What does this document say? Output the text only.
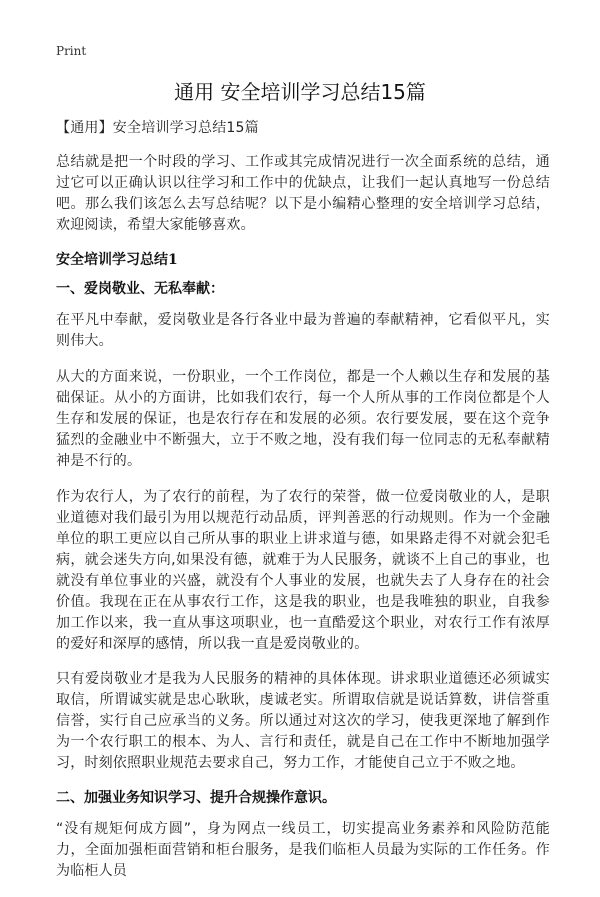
Print
通用 安全培训学习总结15篇

【通用】安全培训学习总结15篇

总结就是把一个时段的学习、工作或其完成情况进行一次全面系统的总结，通过它可以正确认识以往学习和工作中的优缺点，让我们一起认真地写一份总结吧。那么我们该怎么去写总结呢？以下是小编精心整理的安全培训学习总结，欢迎阅读，希望大家能够喜欢。

安全培训学习总结1
一、爱岗敬业、无私奉献：

在平凡中奉献，爱岗敬业是各行各业中最为普遍的奉献精神，它看似平凡，实则伟大。

从大的方面来说，一份职业，一个工作岗位，都是一个人赖以生存和发展的基础保证。从小的方面讲，比如我们农行，每一个人所从事的工作岗位都是个人生存和发展的保证，也是农行存在和发展的必须。农行要发展，要在这个竞争猛烈的金融业中不断强大，立于不败之地，没有我们每一位同志的无私奉献精神是不行的。

作为农行人，为了农行的前程，为了农行的荣誉，做一位爱岗敬业的人，是职业道德对我们最引为用以规范行动品质，评判善恶的行动规则。作为一个金融单位的职工更应以自己所从事的职业上讲求道与德，如果路走得不对就会犯毛病，就会迷失方向,如果没有德，就难于为人民服务，就谈不上自己的事业，也就没有单位事业的兴盛，就没有个人事业的发展，也就失去了人身存在的社会价值。我现在正在从事农行工作，这是我的职业，也是我唯独的职业，自我参加工作以来，我一直从事这项职业，也一直酷爱这个职业，对农行工作有浓厚的爱好和深厚的感情，所以我一直是爱岗敬业的。

只有爱岗敬业才是我为人民服务的精神的具体体现。讲求职业道德还必须诚实取信，所谓诚实就是忠心耿耿，虔诚老实。所谓取信就是说话算数，讲信誉重信誉，实行自己应承当的义务。所以通过对这次的学习，使我更深地了解到作为一个农行职工的根本、为人、言行和责任，就是自己在工作中不断地加强学习，时刻依照职业规范去要求自己，努力工作，才能使自己立于不败之地。

二、加强业务知识学习、提升合规操作意识。

“没有规矩何成方圆”，身为网点一线员工，切实提高业务素养和风险防范能力，全面加强柜面营销和柜台服务，是我们临柜人员最为实际的工作任务。作为临柜人员
